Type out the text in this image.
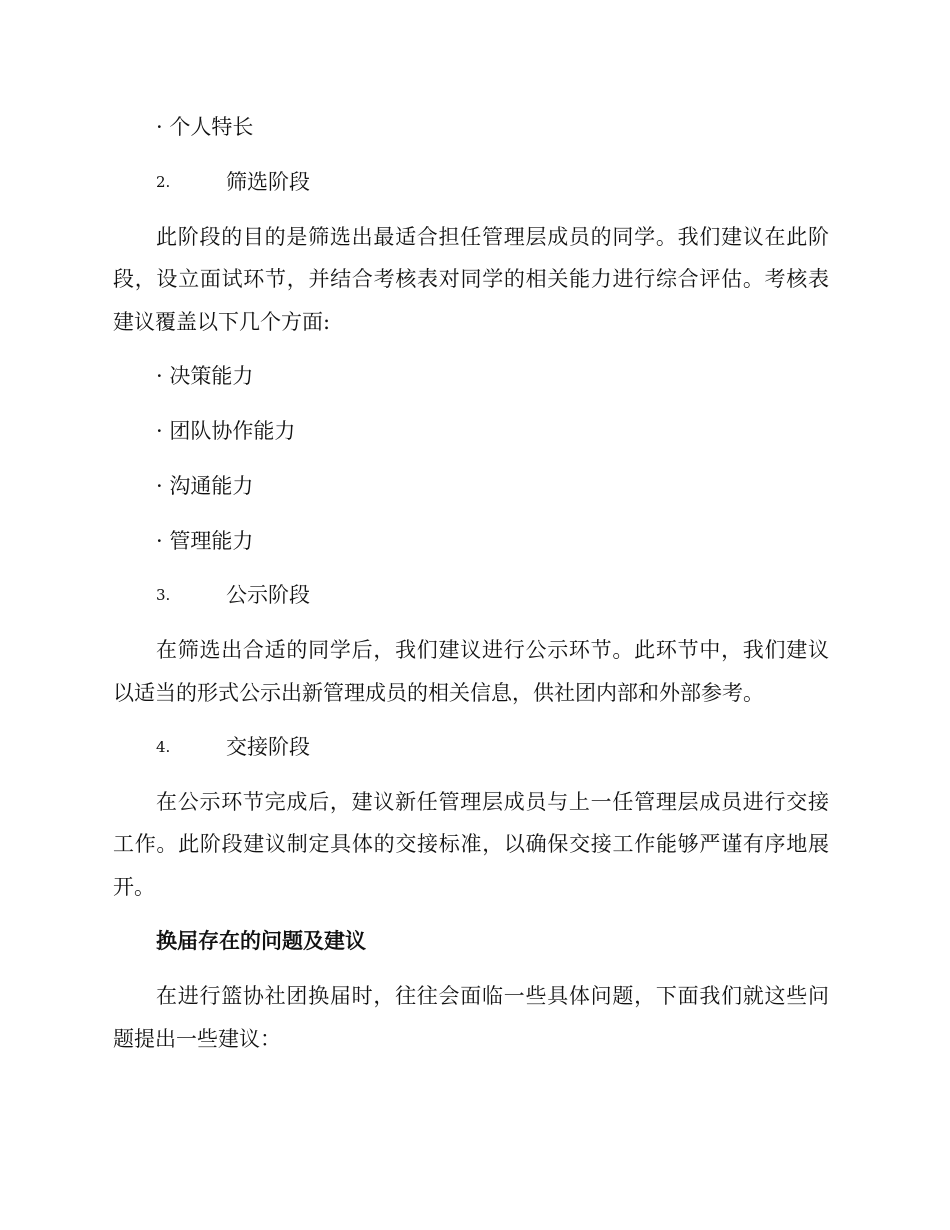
· 个人特长
2.	筛选阶段
此阶段的目的是筛选出最适合担任管理层成员的同学。我们建议在此阶
段，设立面试环节，并结合考核表对同学的相关能力进行综合评估。考核表
建议覆盖以下几个方面:
· 决策能力
· 团队协作能力
· 沟通能力
· 管理能力
3.	公示阶段
在筛选出合适的同学后，我们建议进行公示环节。此环节中，我们建议
以适当的形式公示出新管理成员的相关信息，供社团内部和外部参考。
4.	交接阶段
在公示环节完成后，建议新任管理层成员与上一任管理层成员进行交接
工作。此阶段建议制定具体的交接标准，以确保交接工作能够严谨有序地展
开。
换届存在的问题及建议
在进行篮协社团换届时，往往会面临一些具体问题，下面我们就这些问
题提出一些建议：
